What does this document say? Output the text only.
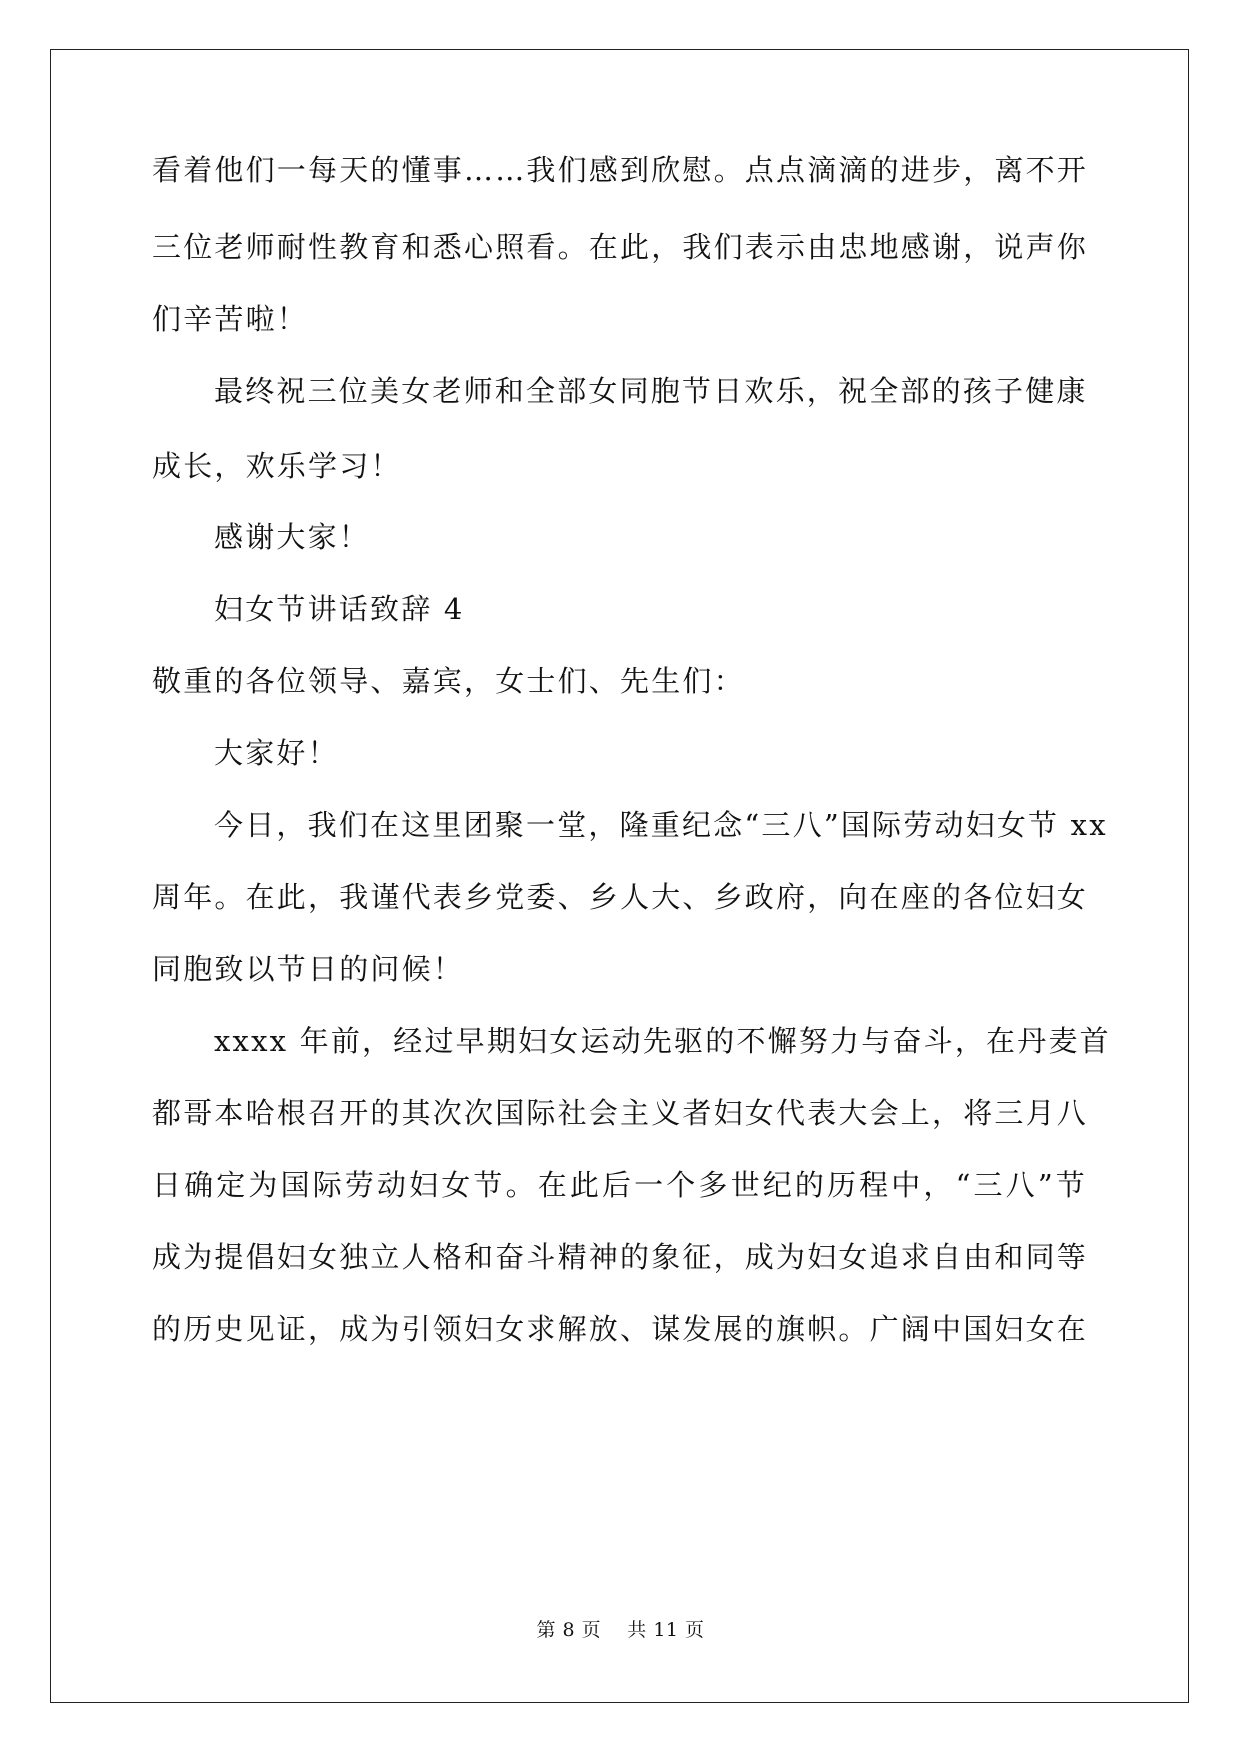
看着他们一每天的懂事……我们感到欣慰。点点滴滴的进步，离不开
三位老师耐性教育和悉心照看。在此，我们表示由忠地感谢，说声你
们辛苦啦！
最终祝三位美女老师和全部女同胞节日欢乐，祝全部的孩子健康
成长，欢乐学习！
感谢大家！
妇女节讲话致辞 4
敬重的各位领导、嘉宾，女士们、先生们：
大家好！
今日，我们在这里团聚一堂，隆重纪念“三八”国际劳动妇女节 xx
周年。在此，我谨代表乡党委、乡人大、乡政府，向在座的各位妇女
同胞致以节日的问候！
xxxx 年前，经过早期妇女运动先驱的不懈努力与奋斗，在丹麦首
都哥本哈根召开的其次次国际社会主义者妇女代表大会上，将三月八
日确定为国际劳动妇女节。在此后一个多世纪的历程中，“三八”节
成为提倡妇女独立人格和奋斗精神的象征，成为妇女追求自由和同等
的历史见证，成为引领妇女求解放、谋发展的旗帜。广阔中国妇女在
第 8 页    共 11 页
